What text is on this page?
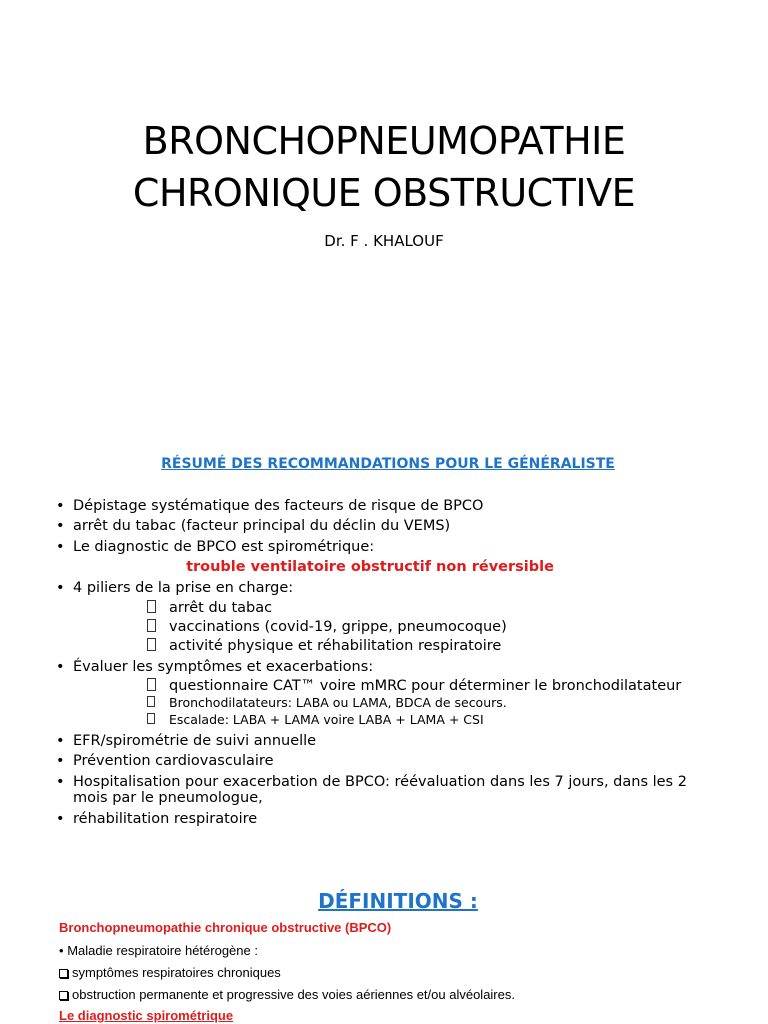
BRONCHOPNEUMOPATHIE
CHRONIQUE OBSTRUCTIVE
Dr. F . KHALOUF
RÉSUMÉ DES RECOMMANDATIONS POUR LE GÉNÉRALISTE
• Dépistage systématique des facteurs de risque de BPCO
• arrêt du tabac (facteur principal du déclin du VEMS)
• Le diagnostic de BPCO est spirométrique:
trouble ventilatoire obstructif non réversible
• 4 piliers de la prise en charge:
arrêt du tabac
vaccinations (covid-19, grippe, pneumocoque)
activité physique et réhabilitation respiratoire
• Évaluer les symptômes et exacerbations:
questionnaire CAT™ voire mMRC pour déterminer le bronchodilatateur
Bronchodilatateurs: LABA ou LAMA, BDCA de secours.
Escalade: LABA + LAMA voire LABA + LAMA + CSI
• EFR/spirométrie de suivi annuelle
• Prévention cardiovasculaire
• Hospitalisation pour exacerbation de BPCO: réévaluation dans les 7 jours, dans les 2
mois par le pneumologue,
• réhabilitation respiratoire
DÉFINITIONS :
Bronchopneumopathie chronique obstructive (BPCO)
• Maladie respiratoire hétérogène :
symptômes respiratoires chroniques
obstruction permanente et progressive des voies aériennes et/ou alvéolaires.
Le diagnostic spirométrique
